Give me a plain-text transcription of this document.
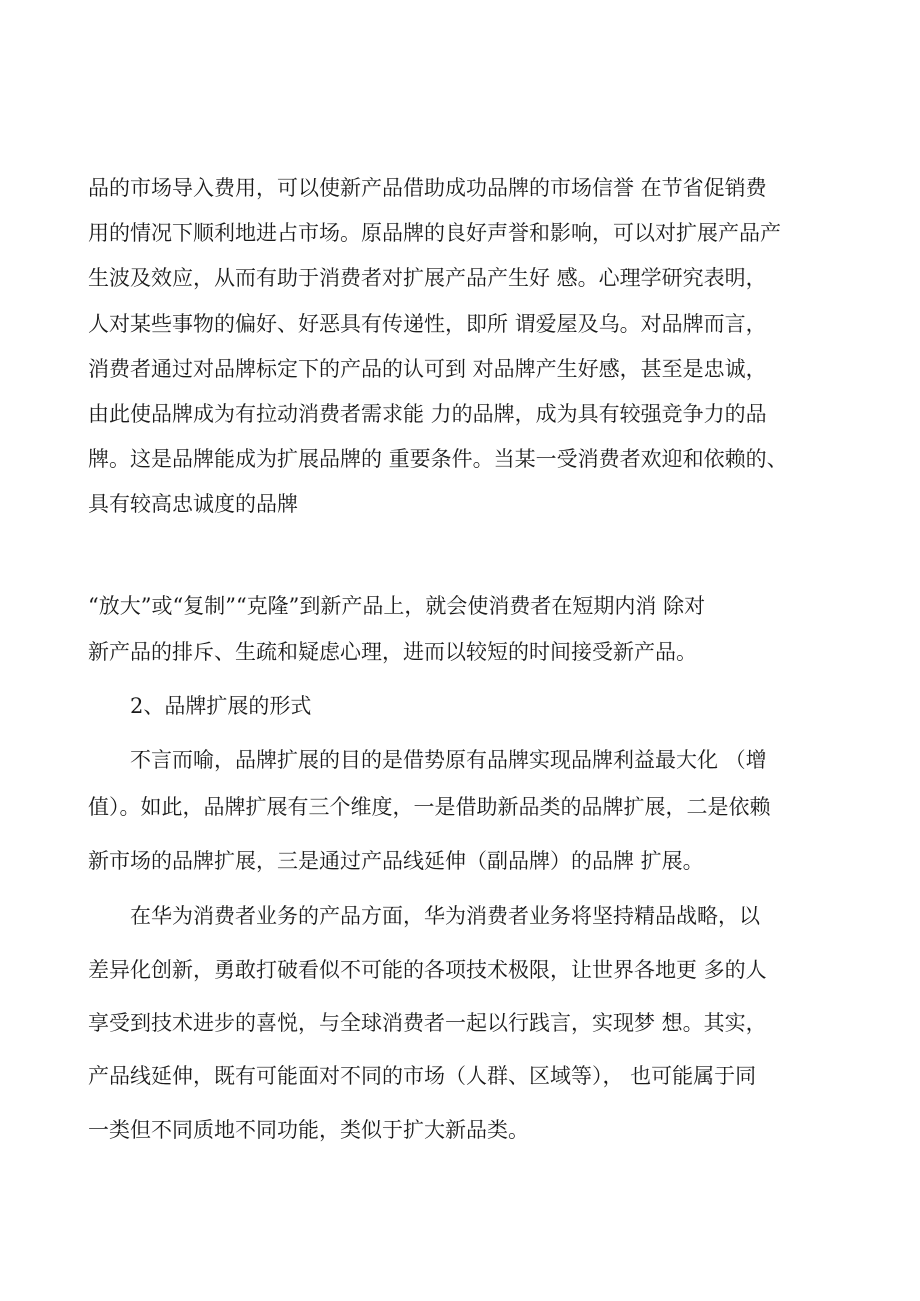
品的市场导入费用，可以使新产品借助成功品牌的市场信誉 在节省促销费
用的情况下顺利地进占市场。原品牌的良好声誉和影响，可以对扩展产品产
生波及效应，从而有助于消费者对扩展产品产生好 感。心理学研究表明，
人对某些事物的偏好、好恶具有传递性，即所 谓爱屋及乌。对品牌而言，
消费者通过对品牌标定下的产品的认可到 对品牌产生好感，甚至是忠诚，
由此使品牌成为有拉动消费者需求能 力的品牌，成为具有较强竞争力的品
牌。这是品牌能成为扩展品牌的 重要条件。当某一受消费者欢迎和依赖的、
具有较高忠诚度的品牌
“放大”或“复制”“克隆”到新产品上，就会使消费者在短期内消 除对
新产品的排斥、生疏和疑虑心理，进而以较短的时间接受新产品。
2、品牌扩展的形式
不言而喻，品牌扩展的目的是借势原有品牌实现品牌利益最大化 （增
值）。如此，品牌扩展有三个维度，一是借助新品类的品牌扩展，二是依赖
新市场的品牌扩展，三是通过产品线延伸（副品牌）的品牌 扩展。
在华为消费者业务的产品方面，华为消费者业务将坚持精品战略，以
差异化创新，勇敢打破看似不可能的各项技术极限，让世界各地更 多的人
享受到技术进步的喜悦，与全球消费者一起以行践言，实现梦 想。其实，
产品线延伸，既有可能面对不同的市场（人群、区域等）， 也可能属于同
一类但不同质地不同功能，类似于扩大新品类。
